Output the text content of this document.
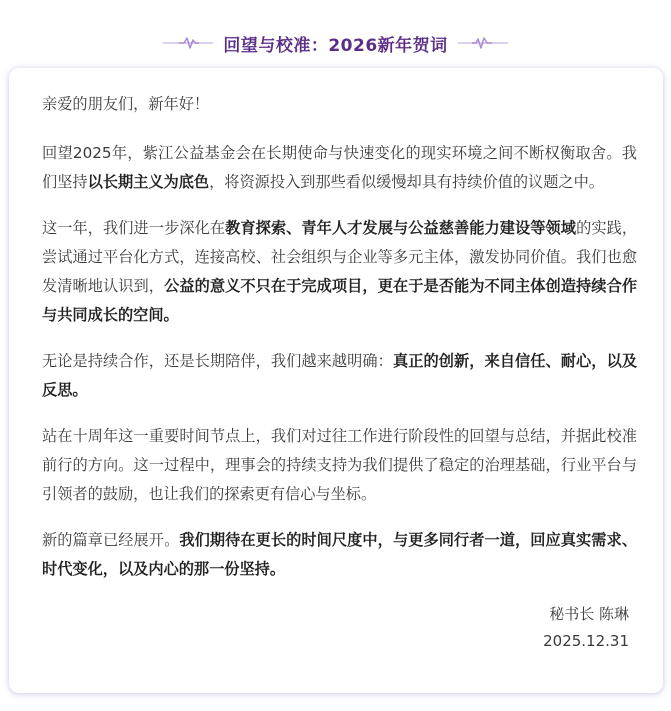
回望与校准：2026新年贺词

亲爱的朋友们，新年好！

回望2025年，紫江公益基金会在长期使命与快速变化的现实环境之间不断权衡取舍。我们坚持以长期主义为底色，将资源投入到那些看似缓慢却具有持续价值的议题之中。

这一年，我们进一步深化在教育探索、青年人才发展与公益慈善能力建设等领域的实践，尝试通过平台化方式，连接高校、社会组织与企业等多元主体，激发协同价值。我们也愈发清晰地认识到，公益的意义不只在于完成项目，更在于是否能为不同主体创造持续合作与共同成长的空间。

无论是持续合作，还是长期陪伴，我们越来越明确：真正的创新，来自信任、耐心，以及反思。

站在十周年这一重要时间节点上，我们对过往工作进行阶段性的回望与总结，并据此校准前行的方向。这一过程中，理事会的持续支持为我们提供了稳定的治理基础，行业平台与引领者的鼓励，也让我们的探索更有信心与坐标。

新的篇章已经展开。我们期待在更长的时间尺度中，与更多同行者一道，回应真实需求、时代变化，以及内心的那一份坚持。

秘书长 陈琳
2025.12.31
